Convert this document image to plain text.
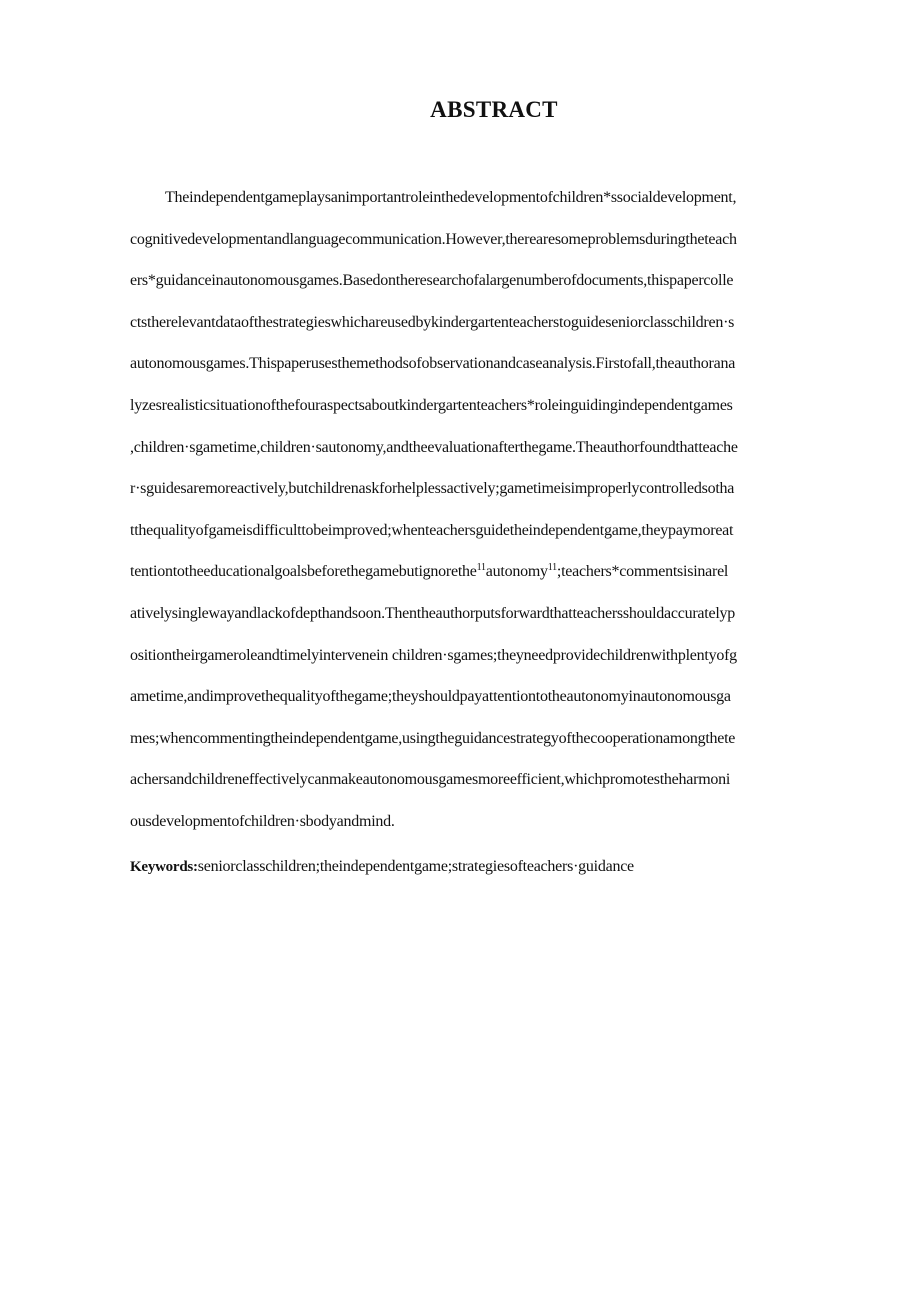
ABSTRACT
Theindependentgameplaysanimportantroleinthedevelopmentofchildren*ssocialdevelopment,
cognitivedevelopmentandlanguagecommunication.However,therearesomeproblemsduringtheteach
ers*guidanceinautonomousgames.Basedontheresearchofalargenumberofdocuments,thispapercolle
ctstherelevantdataofthestrategieswhichareusedbykindergartenteacherstoguideseniorclasschildren·s
autonomousgames.Thispaperusesthemethodsofobservationandcaseanalysis.Firstofall,theauthorana
lyzesrealisticsituationofthefouraspectsaboutkindergartenteachers*roleinguidingindependentgames
,children·sgametime,children·sautonomy,andtheevaluationafterthegame.Theauthorfoundthatteache
r·sguidesaremoreactively,butchildrenaskforhelplessactively;gametimeisimproperlycontrolledsotha
tthequalityofgameisdifficulttobeimproved;whenteachersguidetheindependentgame,theypaymoreat
tentiontotheeducationalgoalsbeforethegamebutignorethe$^{11}$autonomy$^{11}$;teachers*commentsisinarel
ativelysinglewayandlackofdepthandsoon.Thentheauthorputsforwardthatteachersshouldaccuratelyp
ositiontheirgameroleandtimelyintervenein children·sgames;theyneedprovidechildrenwithplentyofg
ametime,andimprovethequalityofthegame;theyshouldpayattentiontotheautonomyinautonomousga
mes;whencommentingtheindependentgame,usingtheguidancestrategyofthecooperationamongthete
achersandchildreneffectivelycanmakeautonomousgamesmoreefficient,whichpromotestheharmoni
ousdevelopmentofchildren·sbodyandmind.
Keywords:seniorclasschildren;theindependentgame;strategiesofteachers·guidance
